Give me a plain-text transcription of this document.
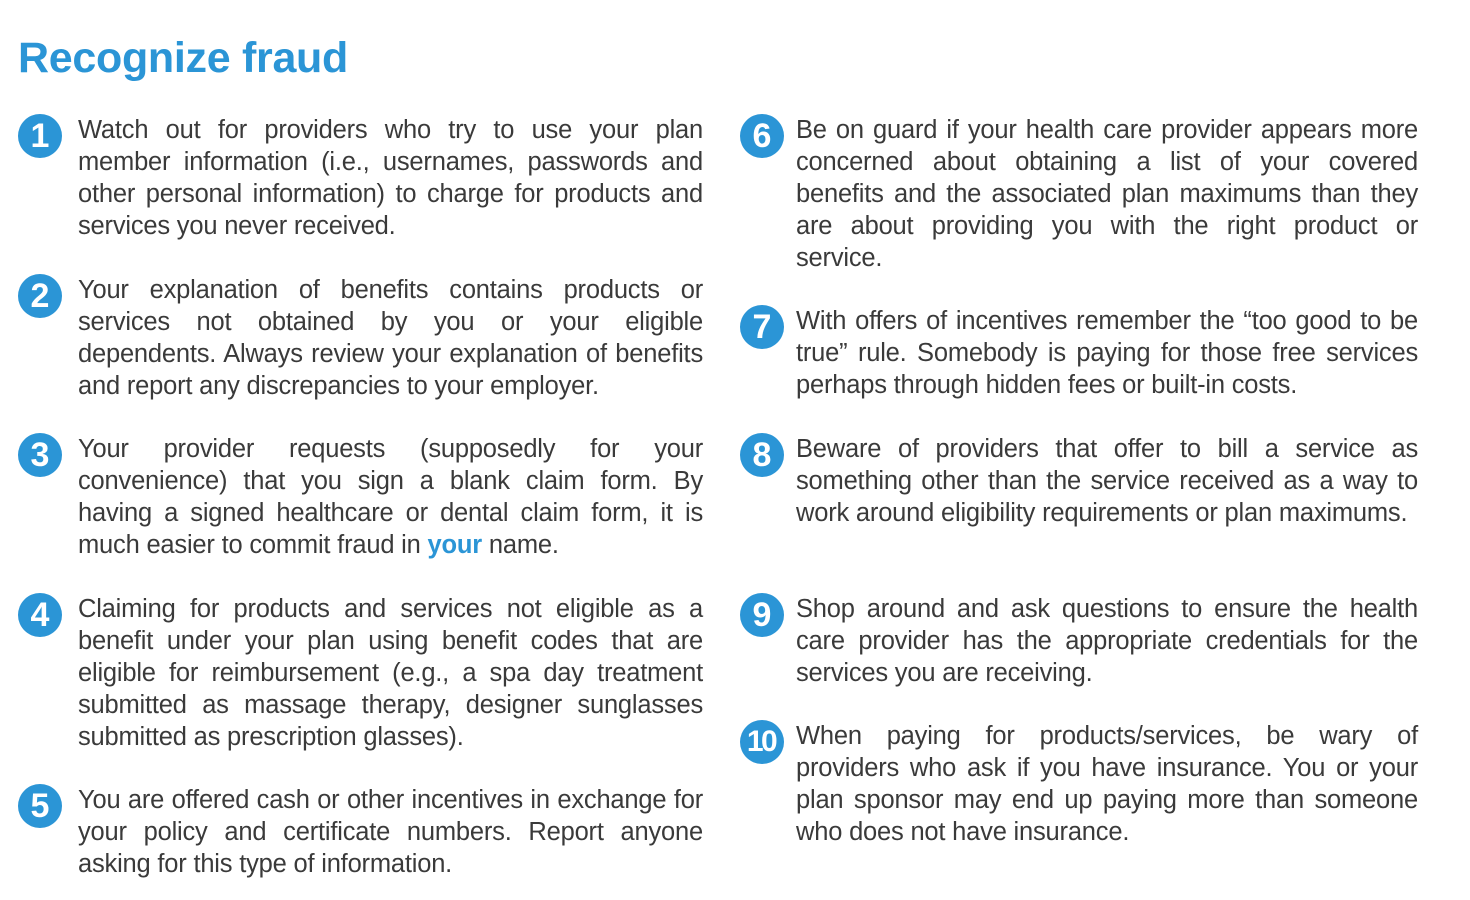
Recognize fraud
1	Watch out for providers who try to use your plan member information (i.e., usernames, passwords and other personal information) to charge for products and services you never received.

2	Your explanation of benefits contains products or services not obtained by you or your eligible dependents. Always review your explanation of benefits and report any discrepancies to your employer.

3	Your provider requests (supposedly for your convenience) that you sign a blank claim form. By having a signed healthcare or dental claim form, it is much easier to commit fraud in your name.

4	Claiming for products and services not eligible as a benefit under your plan using benefit codes that are eligible for reimbursement (e.g., a spa day treatment submitted as massage therapy, designer sunglasses submitted as prescription glasses).

5	You are offered cash or other incentives in exchange for your policy and certificate numbers. Report anyone asking for this type of information.

6 Be on guard if your health care provider appears more concerned about obtaining a list of your covered benefits and the associated plan maximums than they are about providing you with the right product or service.

7 With offers of incentives remember the “too good to be true” rule. Somebody is paying for those free services perhaps through hidden fees or built-in costs.

8 Beware of providers that offer to bill a service as something other than the service received as a way to work around eligibility requirements or plan maximums.

9 Shop around and ask questions to ensure the health care provider has the appropriate credentials for the services you are receiving.

10 When paying for products/services, be wary of providers who ask if you have insurance. You or your plan sponsor may end up paying more than someone who does not have insurance.
